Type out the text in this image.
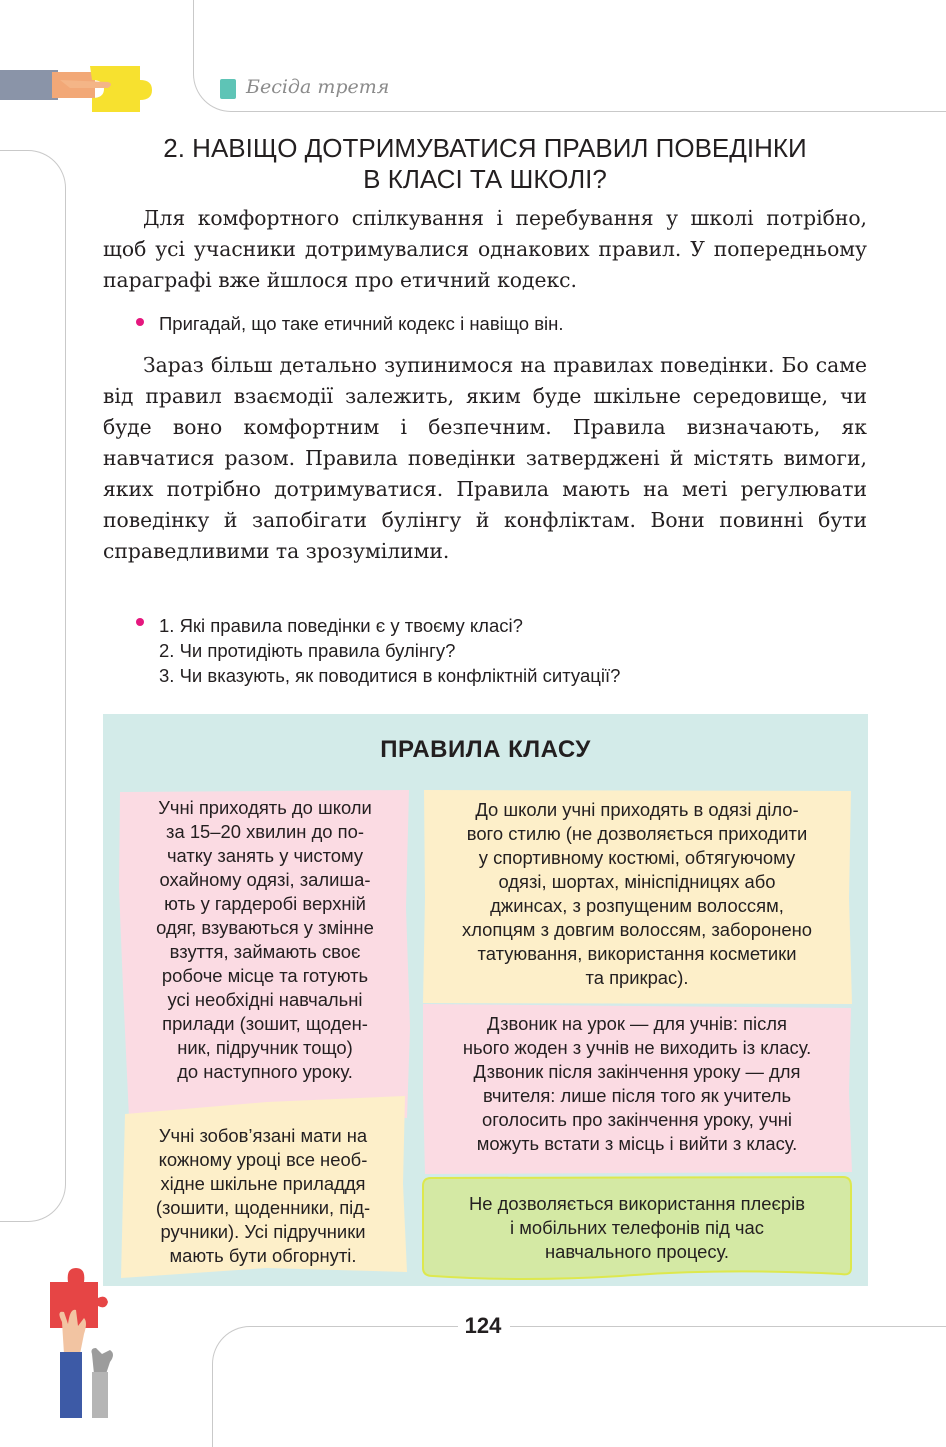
Бесіда третя
2. НАВІЩО ДОТРИМУВАТИСЯ ПРАВИЛ ПОВЕДІНКИ
В КЛАСІ ТА ШКОЛІ?

Для комфортного спілкування і перебування у школі потрібно, щоб усі учасники дотримувалися однакових правил. У попередньому параграфі вже йшлося про етичний кодекс.

Пригадай, що таке етичний кодекс і навіщо він.

Зараз більш детально зупинимося на правилах поведінки. Бо саме від правил взаємодії залежить, яким буде шкільне середовище, чи буде воно комфортним і безпечним. Правила визначають, як навчатися разом. Правила поведінки затверджені й містять вимоги, яких потрібно дотримуватися. Правила мають на меті регулювати поведінку й запобігати булінгу й конфліктам. Вони повинні бути справедливими та зрозумілими.

1. Які правила поведінки є у твоєму класі?
2. Чи протидіють правила булінгу?
3. Чи вказують, як поводитися в конфліктній ситуації?
ПРАВИЛА КЛАСУ
Учні приходять до школи
за 15–20 хвилин до по-
чатку занять у чистому
охайному одязі, залиша-
ють у гардеробі верхній
одяг, взуваються у змінне
взуття, займають своє
робоче місце та готують
усі необхідні навчальні
прилади (зошит, щоден-
ник, підручник тощо)
до наступного уроку.
Учні зобов’язані мати на
кожному уроці все необ-
хідне шкільне приладдя
(зошити, щоденники, під-
ручники). Усі підручники
мають бути обгорнуті.
До школи учні приходять в одязі діло-
вого стилю (не дозволяється приходити
у спортивному костюмі, обтягуючому
одязі, шортах, мініспідницях або
джинсах, з розпущеним волоссям,
хлопцям з довгим волоссям, заборонено
татуювання, використання косметики
та прикрас).
Дзвоник на урок — для учнів: після
нього жоден з учнів не виходить із класу.
Дзвоник після закінчення уроку — для
вчителя: лише після того як учитель
оголосить про закінчення уроку, учні
можуть встати з місць і вийти з класу.
Не дозволяється використання плеєрів
і мобільних телефонів під час
навчального процесу.
124
